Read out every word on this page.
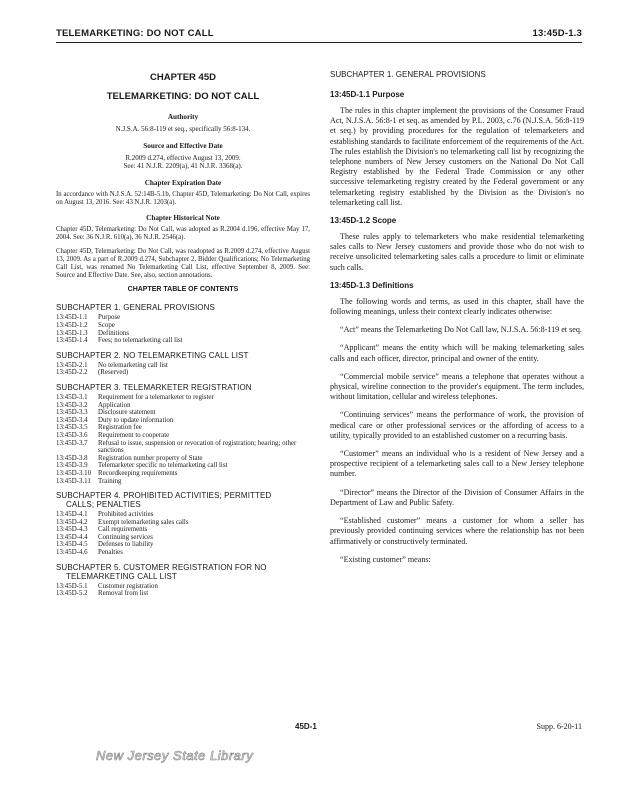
TELEMARKETING: DO NOT CALL	13:45D-1.3
CHAPTER 45D
TELEMARKETING: DO NOT CALL
Authority
N.J.S.A. 56:8-119 et seq., specifically 56:8-134.
Source and Effective Date
R.2009 d.274, effective August 13, 2009.
See: 41 N.J.R. 2209(a), 41 N.J.R. 3368(a).
Chapter Expiration Date
In accordance with N.J.S.A. 52:14B-5.1b, Chapter 45D, Telemarketing: Do Not Call, expires on August 13, 2016. See: 43 N.J.R. 1203(a).
Chapter Historical Note
Chapter 45D, Telemarketing: Do Not Call, was adopted as R.2004 d.196, effective May 17, 2004. See: 36 N.J.R. 610(a), 36 N.J.R. 2546(a).
Chapter 45D, Telemarketing: Do Not Call, was readopted as R.2009 d.274, effective August 13, 2009. As a part of R.2009 d.274, Subchapter 2, Bidder Qualifications; No Telemarketing Call List, was renamed No Telemarketing Call List, effective September 8, 2009. See: Source and Effective Date. See, also, section annotations.
CHAPTER TABLE OF CONTENTS
SUBCHAPTER 1. GENERAL PROVISIONS
13:45D-1.1	Purpose
13:45D-1.2	Scope
13:45D-1.3	Definitions
13:45D-1.4	Fees; no telemarketing call list
SUBCHAPTER 2. NO TELEMARKETING CALL LIST
13:45D-2.1	No telemarketing call list
13:45D-2.2	(Reserved)
SUBCHAPTER 3. TELEMARKETER REGISTRATION
13:45D-3.1	Requirement for a telemarketer to register
13:45D-3.2	Application
13:45D-3.3	Disclosure statement
13:45D-3.4	Duty to update information
13:45D-3.5	Registration fee
13:45D-3.6	Requirement to cooperate
13:45D-3.7	Refusal to issue, suspension or revocation of registration; hearing; other sanctions
13:45D-3.8	Registration number property of State
13:45D-3.9	Telemarketer specific no telemarketing call list
13:45D-3.10	Recordkeeping requirements
13:45D-3.11	Training
SUBCHAPTER 4. PROHIBITED ACTIVITIES; PERMITTED
CALLS; PENALTIES
13:45D-4.1	Prohibited activities
13:45D-4.2	Exempt telemarketing sales calls
13:45D-4.3	Call requirements
13:45D-4.4	Continuing services
13:45D-4.5	Defenses to liability
13:45D-4.6	Penalties
SUBCHAPTER 5. CUSTOMER REGISTRATION FOR NO
TELEMARKETING CALL LIST
13:45D-5.1	Customer registration
13:45D-5.2	Removal from list
SUBCHAPTER 1. GENERAL PROVISIONS
13:45D-1.1 Purpose
The rules in this chapter implement the provisions of the Consumer Fraud Act, N.J.S.A. 56:8-1 et seq. as amended by P.L. 2003, c.76 (N.J.S.A. 56:8-119 et seq.) by providing procedures for the regulation of telemarketers and establishing standards to facilitate enforcement of the requirements of the Act. The rules establish the Division's no telemarketing call list by recognizing the telephone numbers of New Jersey customers on the National Do Not Call Registry established by the Federal Trade Commission or any other successive telemarketing registry created by the Federal government or any telemarketing registry established by the Division as the Division's no telemarketing call list.
13:45D-1.2 Scope
These rules apply to telemarketers who make residential telemarketing sales calls to New Jersey customers and provide those who do not wish to receive unsolicited telemarketing sales calls a procedure to limit or eliminate such calls.
13:45D-1.3 Definitions
The following words and terms, as used in this chapter, shall have the following meanings, unless their context clearly indicates otherwise:
“Act” means the Telemarketing Do Not Call law, N.J.S.A. 56:8-119 et seq.
“Applicant” means the entity which will be making telemarketing sales calls and each officer, director, principal and owner of the entity.
“Commercial mobile service” means a telephone that operates without a physical, wireline connection to the provider's equipment. The term includes, without limitation, cellular and wireless telephones.
“Continuing services” means the performance of work, the provision of medical care or other professional services or the affording of access to a utility, typically provided to an established customer on a recurring basis.
“Customer” means an individual who is a resident of New Jersey and a prospective recipient of a telemarketing sales call to a New Jersey telephone number.
“Director” means the Director of the Division of Consumer Affairs in the Department of Law and Public Safety.
“Established customer” means a customer for whom a seller has previously provided continuing services where the relationship has not been affirmatively or constructively terminated.
“Existing customer” means:
45D-1	Supp. 6-20-11
New Jersey State Library
